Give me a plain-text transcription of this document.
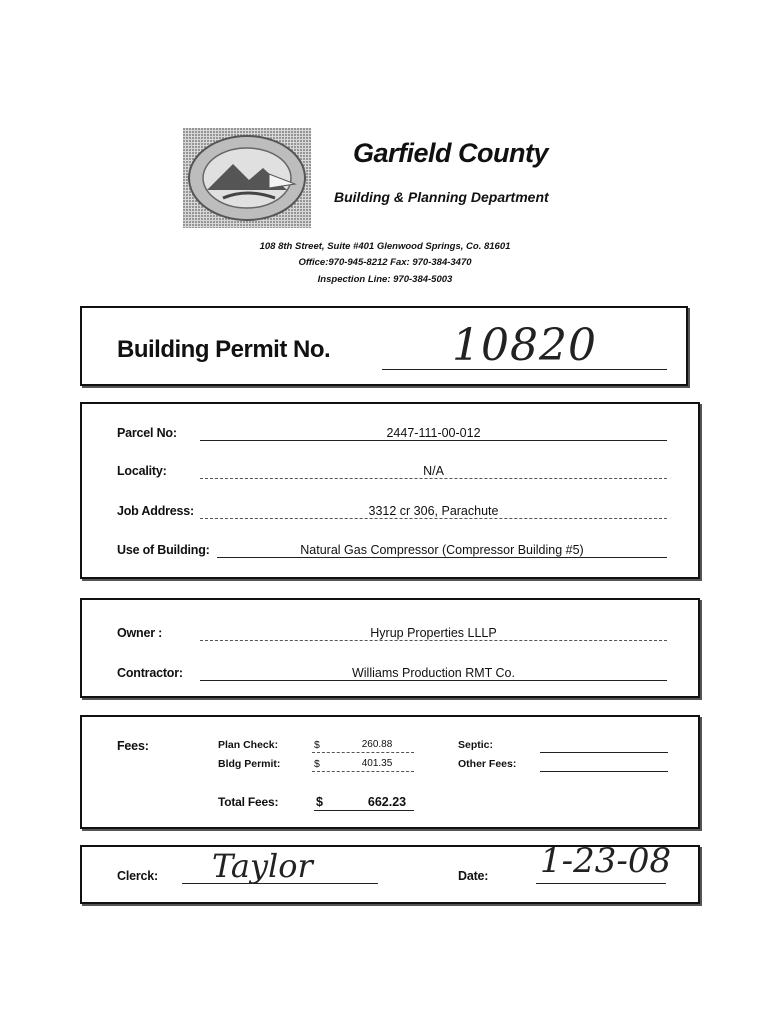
Garfield County
Building & Planning Department
108 8th Street, Suite #401 Glenwood Springs, Co. 81601
Office:970-945-8212 Fax: 970-384-3470
Inspection Line: 970-384-5003
Building Permit No.	10820
Parcel No:	2447-111-00-012
Locality:	N/A
Job Address:	3312 cr 306, Parachute
Use of Building:	Natural Gas Compressor (Compressor Building #5)
Owner :	Hyrup Properties LLLP
Contractor:	Williams Production RMT Co.
Fees:	Plan Check:	$	260.88
Bldg Permit:	$	401.35
Septic:
Other Fees:
Total Fees:	$	662.23
Clerck: Taylor	Date: 1-23-08
